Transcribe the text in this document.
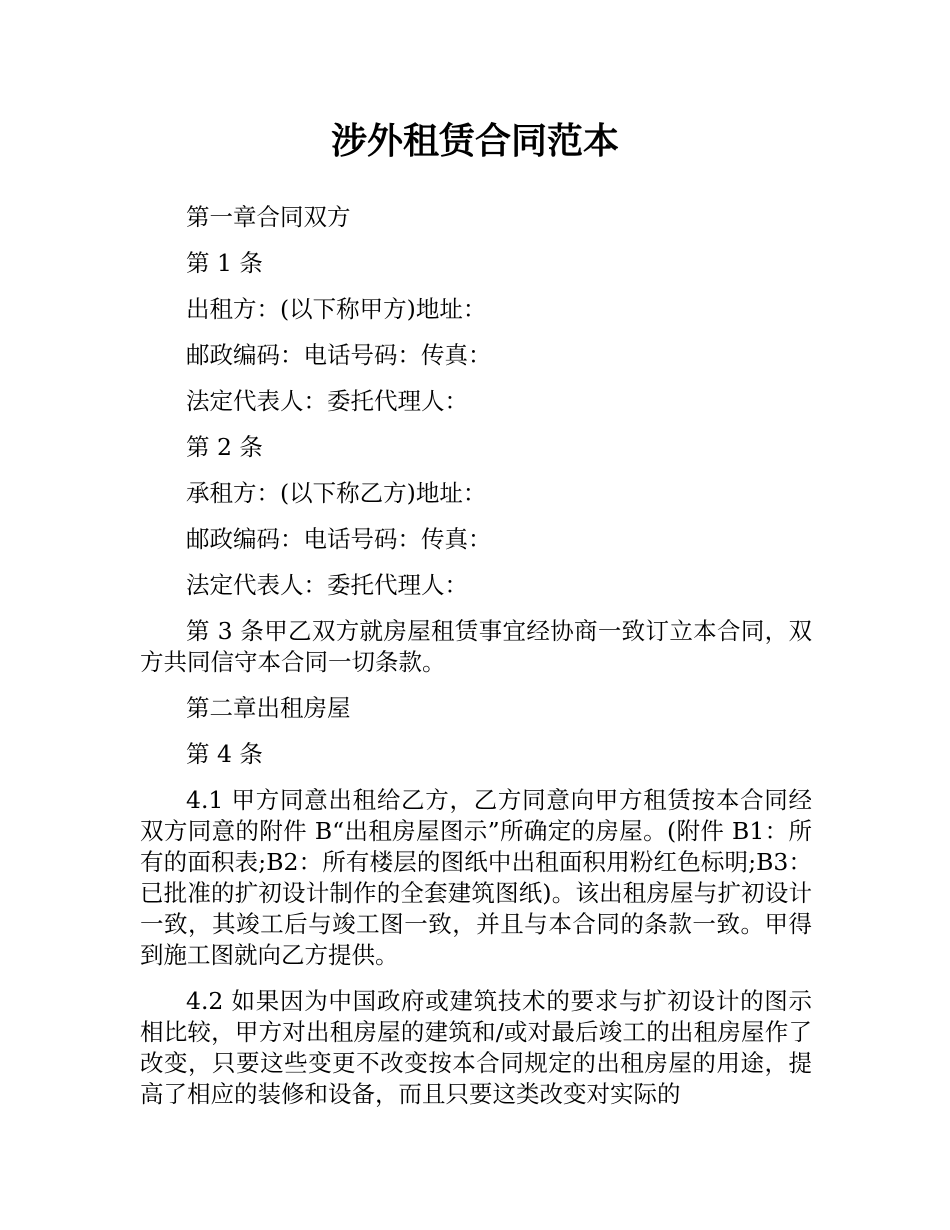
涉外租赁合同范本

第一章合同双方

第 1 条

出租方：(以下称甲方)地址：

邮政编码：电话号码：传真：

法定代表人：委托代理人：

第 2 条

承租方：(以下称乙方)地址：

邮政编码：电话号码：传真：

法定代表人：委托代理人：

第 3 条甲乙双方就房屋租赁事宜经协商一致订立本合同，双方共同信守本合同一切条款。

第二章出租房屋

第 4 条

4.1 甲方同意出租给乙方，乙方同意向甲方租赁按本合同经双方同意的附件 B“出租房屋图示”所确定的房屋。(附件 B1：所有的面积表;B2：所有楼层的图纸中出租面积用粉红色标明;B3：已批准的扩初设计制作的全套建筑图纸)。该出租房屋与扩初设计一致，其竣工后与竣工图一致，并且与本合同的条款一致。甲得到施工图就向乙方提供。

4.2 如果因为中国政府或建筑技术的要求与扩初设计的图示相比较，甲方对出租房屋的建筑和/或对最后竣工的出租房屋作了改变，只要这些变更不改变按本合同规定的出租房屋的用途，提高了相应的装修和设备，而且只要这类改变对实际的
